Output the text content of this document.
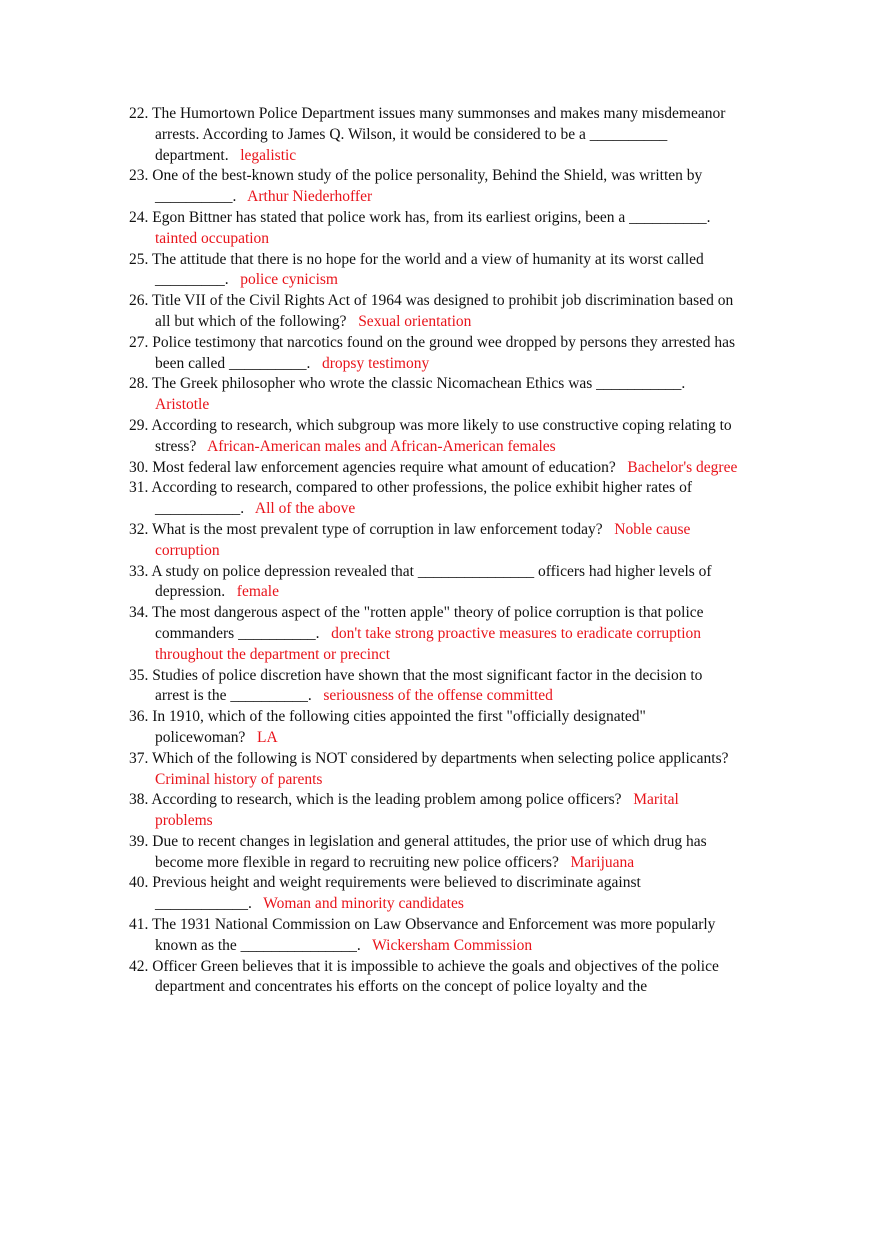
22. The Humortown Police Department issues many summonses and makes many misdemeanor arrests. According to James Q. Wilson, it would be considered to be a __________ department. legalistic
23. One of the best-known study of the police personality, Behind the Shield, was written by __________. Arthur Niederhoffer
24. Egon Bittner has stated that police work has, from its earliest origins, been a __________.   tainted occupation
25. The attitude that there is no hope for the world and a view of humanity at its worst called _________. police cynicism
26. Title VII of the Civil Rights Act of 1964 was designed to prohibit job discrimination based on all but which of the following? Sexual orientation
27. Police testimony that narcotics found on the ground wee dropped by persons they arrested has been called __________. dropsy testimony
28. The Greek philosopher who wrote the classic Nicomachean Ethics was ___________.   Aristotle
29. According to research, which subgroup was more likely to use constructive coping relating to stress? African-American males and African-American females
30. Most federal law enforcement agencies require what amount of education? Bachelor's degree
31. According to research, compared to other professions, the police exhibit higher rates of ___________. All of the above
32. What is the most prevalent type of corruption in law enforcement today? Noble cause corruption
33. A study on police depression revealed that _______________ officers had higher levels of depression. female
34. The most dangerous aspect of the "rotten apple" theory of police corruption is that police commanders __________. don't take strong proactive measures to eradicate corruption throughout the department or precinct
35. Studies of police discretion have shown that the most significant factor in the decision to arrest is the __________. seriousness of the offense committed
36. In 1910, which of the following cities appointed the first "officially designated" policewoman? LA
37. Which of the following is NOT considered by departments when selecting police applicants?   Criminal history of parents
38. According to research, which is the leading problem among police officers? Marital problems
39. Due to recent changes in legislation and general attitudes, the prior use of which drug has become more flexible in regard to recruiting new police officers? Marijuana
40. Previous height and weight requirements were believed to discriminate against ____________. Woman and minority candidates
41. The 1931 National Commission on Law Observance and Enforcement was more popularly known as the _______________. Wickersham Commission
42. Officer Green believes that it is impossible to achieve the goals and objectives of the police department and concentrates his efforts on the concept of police loyalty and the
